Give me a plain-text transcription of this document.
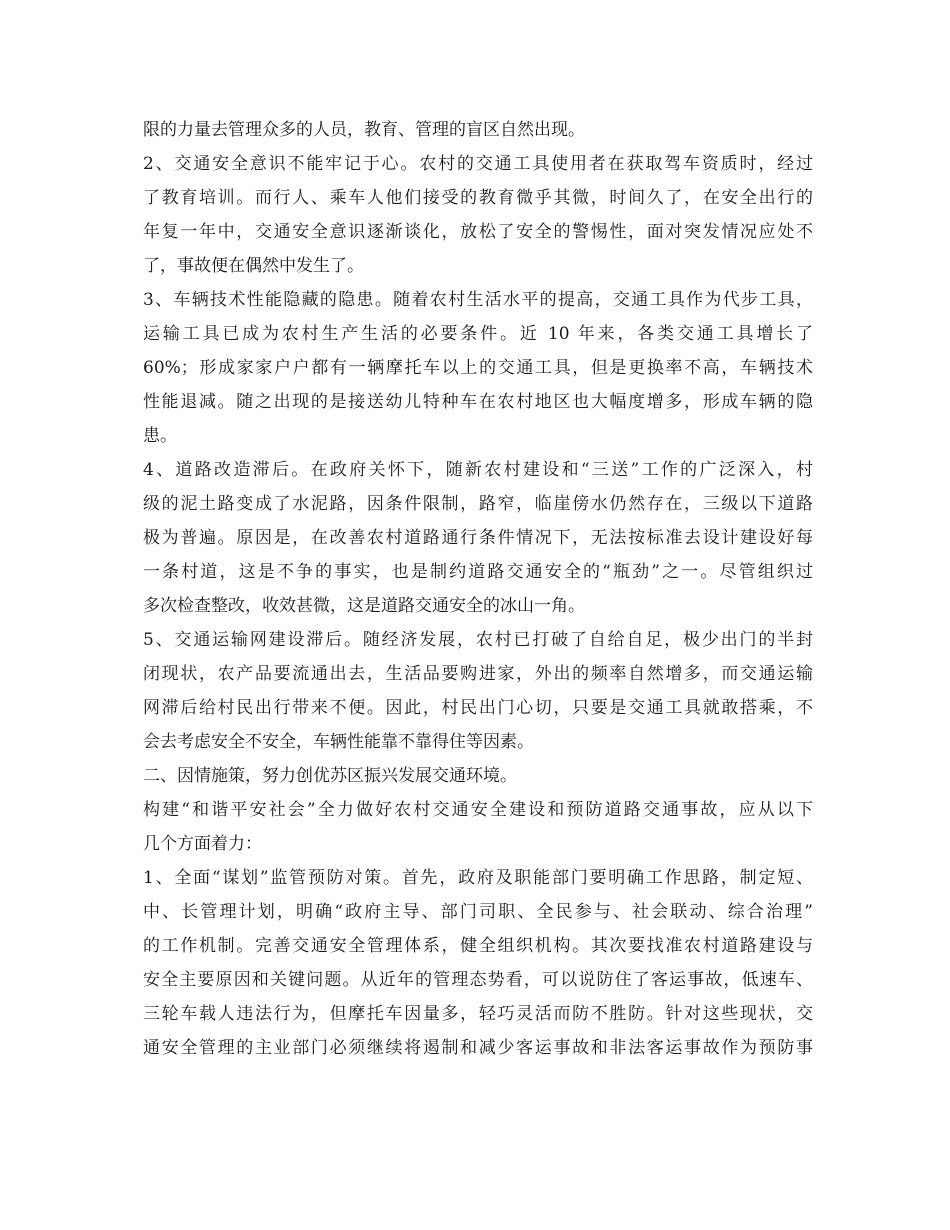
限的力量去管理众多的人员，教育、管理的盲区自然出现。
2、交通安全意识不能牢记于心。农村的交通工具使用者在获取驾车资质时，经过
了教育培训。而行人、乘车人他们接受的教育微乎其微，时间久了，在安全出行的
年复一年中，交通安全意识逐渐谈化，放松了安全的警惕性，面对突发情况应处不
了，事故便在偶然中发生了。
3、车辆技术性能隐藏的隐患。随着农村生活水平的提高，交通工具作为代步工具，
运输工具已成为农村生产生活的必要条件。近 10 年来，各类交通工具增长了
60%；形成家家户户都有一辆摩托车以上的交通工具，但是更换率不高，车辆技术
性能退减。随之出现的是接送幼儿特种车在农村地区也大幅度增多，形成车辆的隐
患。
4、道路改造滞后。在政府关怀下，随新农村建设和“三送”工作的广泛深入，村
级的泥土路变成了水泥路，因条件限制，路窄，临崖傍水仍然存在，三级以下道路
极为普遍。原因是，在改善农村道路通行条件情况下，无法按标准去设计建设好每
一条村道，这是不争的事实，也是制约道路交通安全的“瓶劲”之一。尽管组织过
多次检查整改，收效甚微，这是道路交通安全的冰山一角。
5、交通运输网建设滞后。随经济发展，农村已打破了自给自足，极少出门的半封
闭现状，农产品要流通出去，生活品要购进家，外出的频率自然增多，而交通运输
网滞后给村民出行带来不便。因此，村民出门心切，只要是交通工具就敢搭乘，不
会去考虑安全不安全，车辆性能靠不靠得住等因素。
二、因情施策，努力创优苏区振兴发展交通环境。
构建“和谐平安社会”全力做好农村交通安全建设和预防道路交通事故，应从以下
几个方面着力：
1、全面“谋划”监管预防对策。首先，政府及职能部门要明确工作思路，制定短、
中、长管理计划，明确“政府主导、部门司职、全民参与、社会联动、综合治理”
的工作机制。完善交通安全管理体系，健全组织机构。其次要找准农村道路建设与
安全主要原因和关键问题。从近年的管理态势看，可以说防住了客运事故，低速车、
三轮车载人违法行为，但摩托车因量多，轻巧灵活而防不胜防。针对这些现状，交
通安全管理的主业部门必须继续将遏制和减少客运事故和非法客运事故作为预防事
